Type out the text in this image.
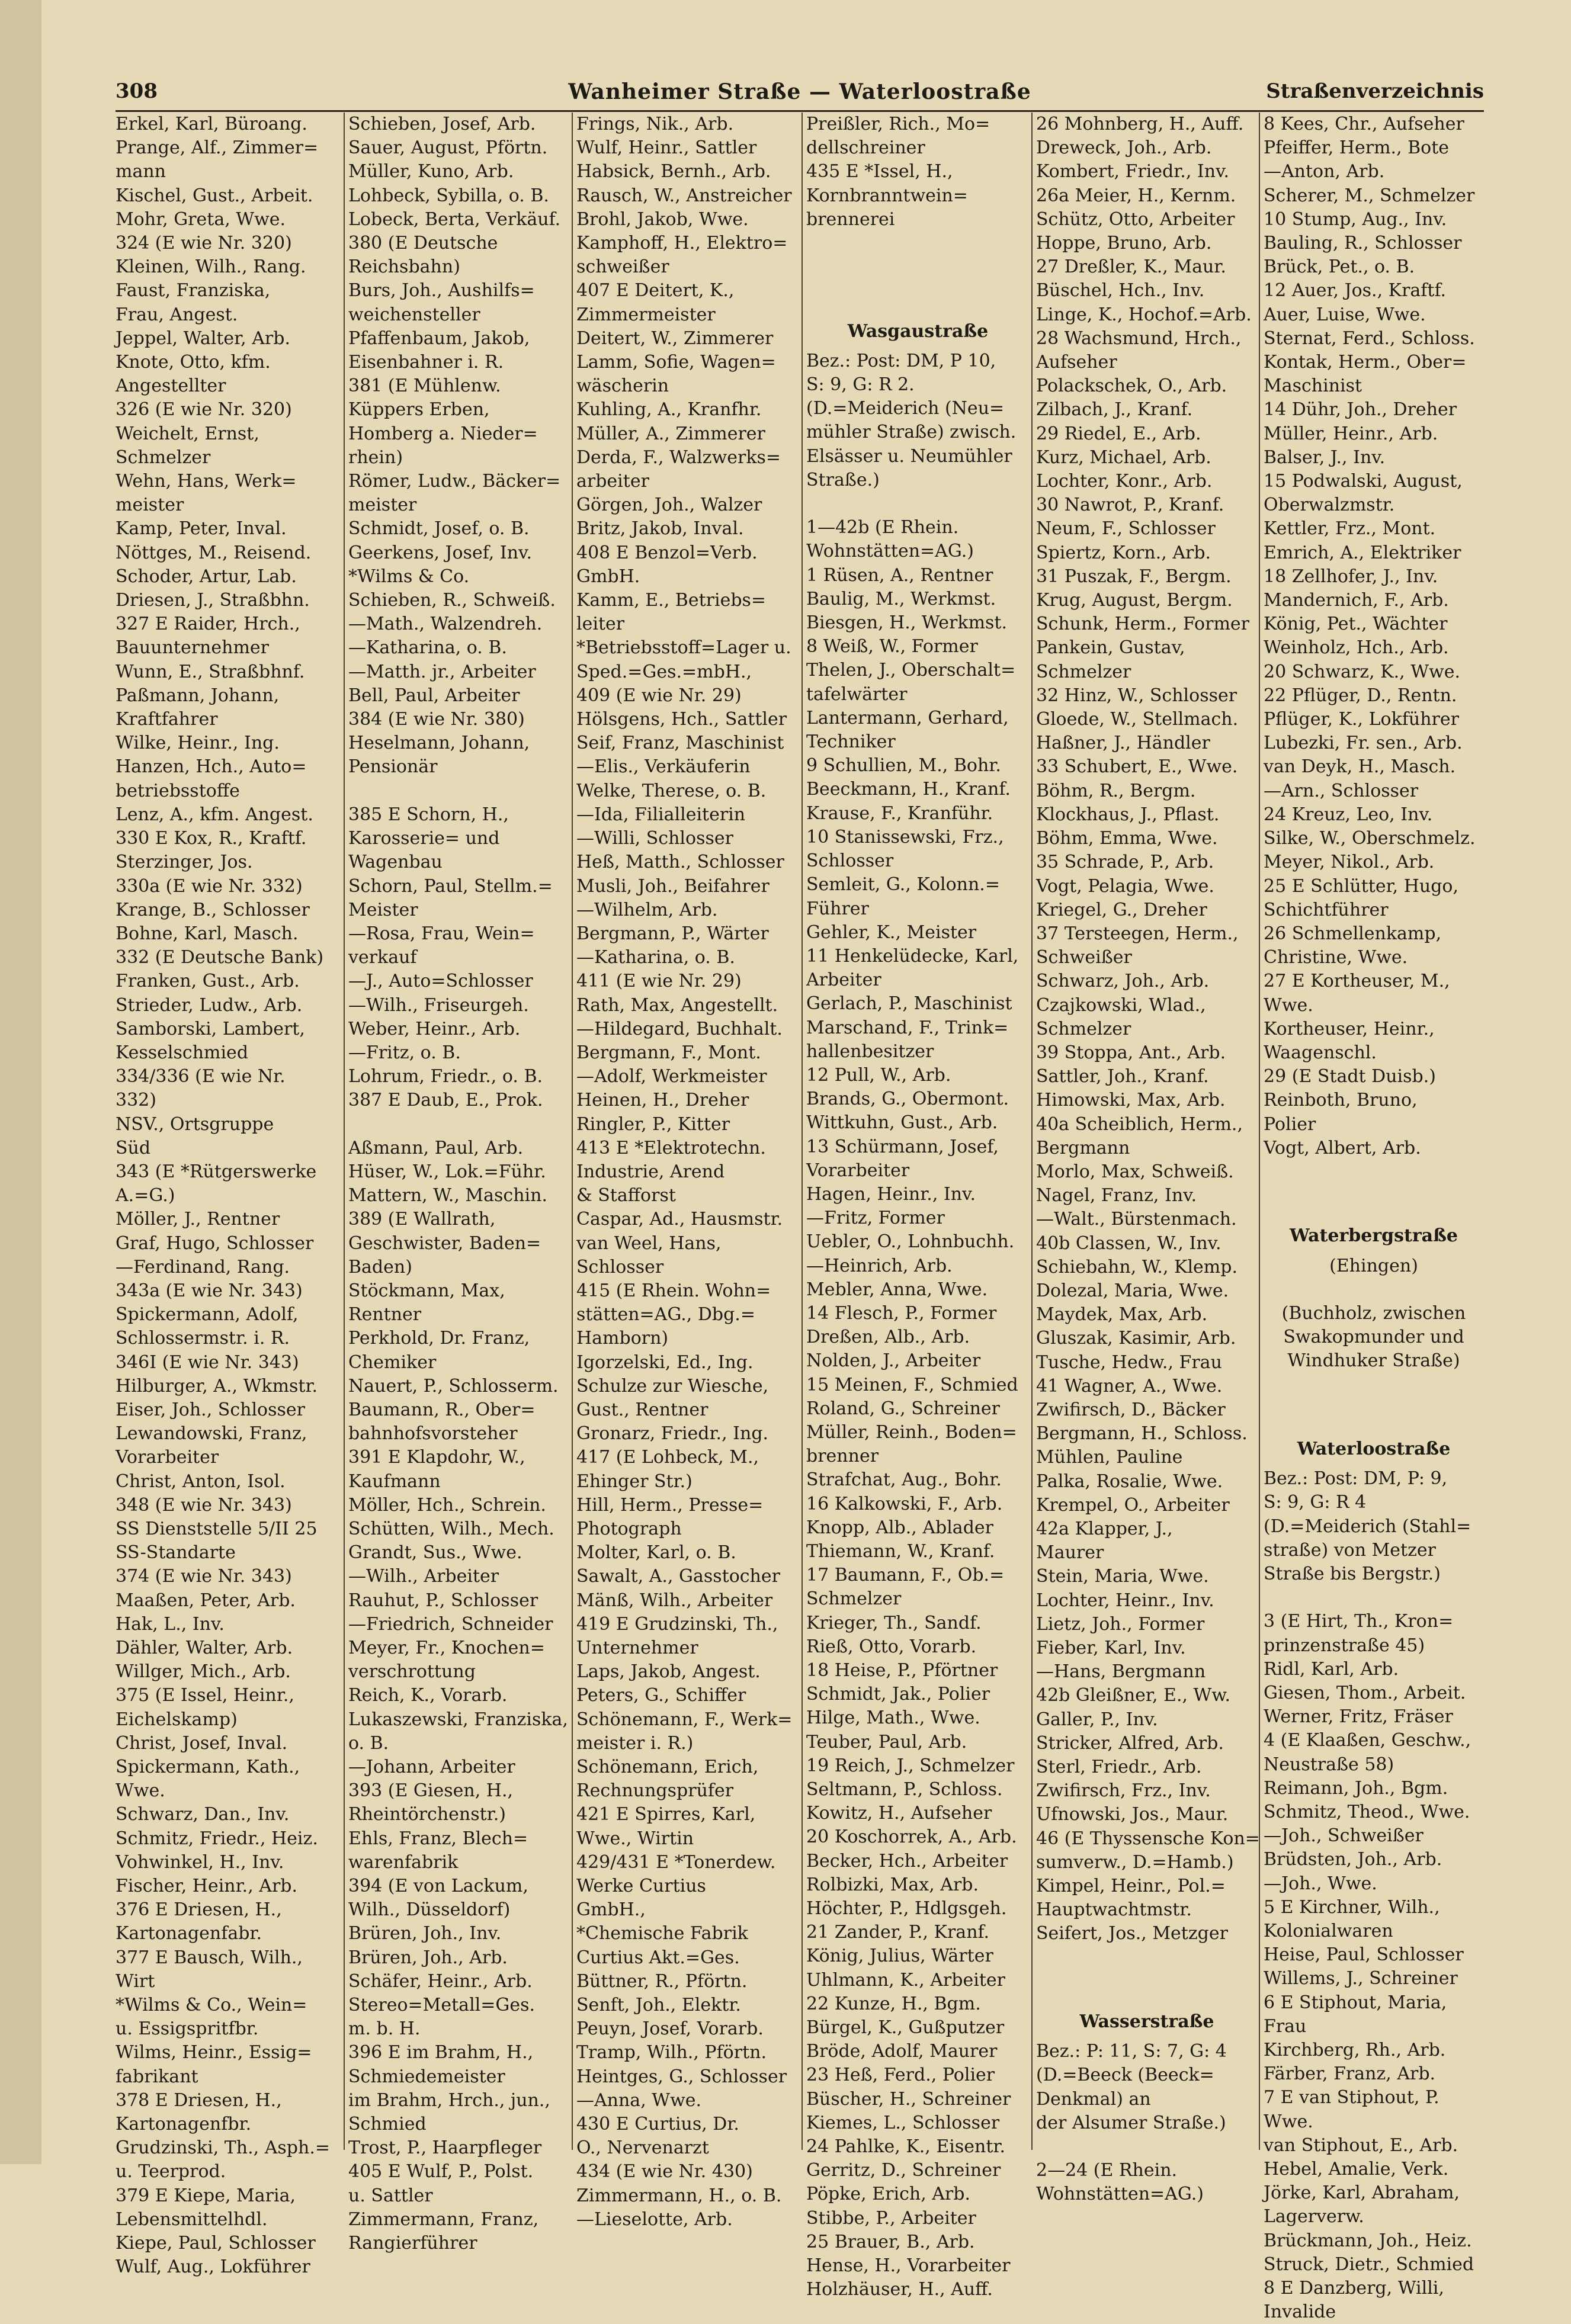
308	Wanheimer Straße — Waterloostraße	Straßenverzeichnis
Erkel, Karl, Büroang.
Prange, Alf., Zimmer=
mann
Kischel, Gust., Arbeit.
Mohr, Greta, Wwe.
324 (E wie Nr. 320)
Kleinen, Wilh., Rang.
Faust, Franziska,
Frau, Angest.
Jeppel, Walter, Arb.
Knote, Otto, kfm.
Angestellter
326 (E wie Nr. 320)
Weichelt, Ernst,
Schmelzer
Wehn, Hans, Werk=
meister
Kamp, Peter, Inval.
Nöttges, M., Reisend.
Schoder, Artur, Lab.
Driesen, J., Straßbhn.
327 E Raider, Hrch.,
Bauunternehmer
Wunn, E., Straßbhnf.
Paßmann, Johann,
Kraftfahrer
Wilke, Heinr., Ing.
Hanzen, Hch., Auto=
betriebsstoffe
Lenz, A., kfm. Angest.
330 E Kox, R., Kraftf.
Sterzinger, Jos.
330a (E wie Nr. 332)
Krange, B., Schlosser
Bohne, Karl, Masch.
332 (E Deutsche Bank)
Franken, Gust., Arb.
Strieder, Ludw., Arb.
Samborski, Lambert,
Kesselschmied
334/336 (E wie Nr.
332)
NSV., Ortsgruppe
Süd
343 (E *Rütgerswerke
A.=G.)
Möller, J., Rentner
Graf, Hugo, Schlosser
—Ferdinand, Rang.
343a (E wie Nr. 343)
Spickermann, Adolf,
Schlossermstr. i. R.
346I (E wie Nr. 343)
Hilburger, A., Wkmstr.
Eiser, Joh., Schlosser
Lewandowski, Franz,
Vorarbeiter
Christ, Anton, Isol.
348 (E wie Nr. 343)
SS Dienststelle 5/II 25
SS-Standarte
374 (E wie Nr. 343)
Maaßen, Peter, Arb.
Hak, L., Inv.
Dähler, Walter, Arb.
Willger, Mich., Arb.
375 (E Issel, Heinr.,
Eichelskamp)
Christ, Josef, Inval.
Spickermann, Kath.,
Wwe.
Schwarz, Dan., Inv.
Schmitz, Friedr., Heiz.
Vohwinkel, H., Inv.
Fischer, Heinr., Arb.
376 E Driesen, H.,
Kartonagenfabr.
377 E Bausch, Wilh.,
Wirt
*Wilms & Co., Wein=
u. Essigspritfbr.
Wilms, Heinr., Essig=
fabrikant
378 E Driesen, H.,
Kartonagenfbr.
Grudzinski, Th., Asph.=
u. Teerprod.
379 E Kiepe, Maria,
Lebensmittelhdl.
Kiepe, Paul, Schlosser
Wulf, Aug., Lokführer
Schieben, Josef, Arb.
Sauer, August, Pförtn.
Müller, Kuno, Arb.
Lohbeck, Sybilla, o. B.
Lobeck, Berta, Verkäuf.
380 (E Deutsche
Reichsbahn)
Burs, Joh., Aushilfs=
weichensteller
Pfaffenbaum, Jakob,
Eisenbahner i. R.
381 (E Mühlenw.
Küppers Erben,
Homberg a. Nieder=
rhein)
Römer, Ludw., Bäcker=
meister
Schmidt, Josef, o. B.
Geerkens, Josef, Inv.
*Wilms & Co.
Schieben, R., Schweiß.
—Math., Walzendreh.
—Katharina, o. B.
—Matth. jr., Arbeiter
Bell, Paul, Arbeiter
384 (E wie Nr. 380)
Heselmann, Johann,
Pensionär

385 E Schorn, H.,
Karosserie= und
Wagenbau
Schorn, Paul, Stellm.=
Meister
—Rosa, Frau, Wein=
verkauf
—J., Auto=Schlosser
—Wilh., Friseurgeh.
Weber, Heinr., Arb.
—Fritz, o. B.
Lohrum, Friedr., o. B.
387 E Daub, E., Prok.

Aßmann, Paul, Arb.
Hüser, W., Lok.=Führ.
Mattern, W., Maschin.
389 (E Wallrath,
Geschwister, Baden=
Baden)
Stöckmann, Max,
Rentner
Perkhold, Dr. Franz,
Chemiker
Nauert, P., Schlosserm.
Baumann, R., Ober=
bahnhofsvorsteher
391 E Klapdohr, W.,
Kaufmann
Möller, Hch., Schrein.
Schütten, Wilh., Mech.
Grandt, Sus., Wwe.
—Wilh., Arbeiter
Rauhut, P., Schlosser
—Friedrich, Schneider
Meyer, Fr., Knochen=
verschrottung
Reich, K., Vorarb.
Lukaszewski, Franziska,
o. B.
—Johann, Arbeiter
393 (E Giesen, H.,
Rheintörchenstr.)
Ehls, Franz, Blech=
warenfabrik
394 (E von Lackum,
Wilh., Düsseldorf)
Brüren, Joh., Inv.
Brüren, Joh., Arb.
Schäfer, Heinr., Arb.
Stereo=Metall=Ges.
m. b. H.
396 E im Brahm, H.,
Schmiedemeister
im Brahm, Hrch., jun.,
Schmied
Trost, P., Haarpfleger
405 E Wulf, P., Polst.
u. Sattler
Zimmermann, Franz,
Rangierführer
Frings, Nik., Arb.
Wulf, Heinr., Sattler
Habsick, Bernh., Arb.
Rausch, W., Anstreicher
Brohl, Jakob, Wwe.
Kamphoff, H., Elektro=
schweißer
407 E Deitert, K.,
Zimmermeister
Deitert, W., Zimmerer
Lamm, Sofie, Wagen=
wäscherin
Kuhling, A., Kranfhr.
Müller, A., Zimmerer
Derda, F., Walzwerks=
arbeiter
Görgen, Joh., Walzer
Britz, Jakob, Inval.
408 E Benzol=Verb.
GmbH.
Kamm, E., Betriebs=
leiter
*Betriebsstoff=Lager u.
Sped.=Ges.=mbH.,
409 (E wie Nr. 29)
Hölsgens, Hch., Sattler
Seif, Franz, Maschinist
—Elis., Verkäuferin
Welke, Therese, o. B.
—Ida, Filialleiterin
—Willi, Schlosser
Heß, Matth., Schlosser
Musli, Joh., Beifahrer
—Wilhelm, Arb.
Bergmann, P., Wärter
—Katharina, o. B.
411 (E wie Nr. 29)
Rath, Max, Angestellt.
—Hildegard, Buchhalt.
Bergmann, F., Mont.
—Adolf, Werkmeister
Heinen, H., Dreher
Ringler, P., Kitter
413 E *Elektrotechn.
Industrie, Arend
& Stafforst
Caspar, Ad., Hausmstr.
van Weel, Hans,
Schlosser
415 (E Rhein. Wohn=
stätten=AG., Dbg.=
Hamborn)
Igorzelski, Ed., Ing.
Schulze zur Wiesche,
Gust., Rentner
Gronarz, Friedr., Ing.
417 (E Lohbeck, M.,
Ehinger Str.)
Hill, Herm., Presse=
Photograph
Molter, Karl, o. B.
Sawalt, A., Gasstocher
Mänß, Wilh., Arbeiter
419 E Grudzinski, Th.,
Unternehmer
Laps, Jakob, Angest.
Peters, G., Schiffer
Schönemann, F., Werk=
meister i. R.)
Schönemann, Erich,
Rechnungsprüfer
421 E Spirres, Karl,
Wwe., Wirtin
429/431 E *Tonerdew.
Werke Curtius
GmbH.,
*Chemische Fabrik
Curtius Akt.=Ges.
Büttner, R., Pförtn.
Senft, Joh., Elektr.
Peuyn, Josef, Vorarb.
Tramp, Wilh., Pförtn.
Heintges, G., Schlosser
—Anna, Wwe.
430 E Curtius, Dr.
O., Nervenarzt
434 (E wie Nr. 430)
Zimmermann, H., o. B.
—Lieselotte, Arb.
Preißler, Rich., Mo=
dellschreiner
435 E *Issel, H.,
Kornbranntwein=
brennerei

Wasgaustraße
Bez.: Post: DM, P 10,
S: 9, G: R 2.
(D.=Meiderich (Neu=
mühler Straße) zwisch.
Elsässer u. Neumühler
Straße.)

1—42b (E Rhein.
Wohnstätten=AG.)
1 Rüsen, A., Rentner
Baulig, M., Werkmst.
Biesgen, H., Werkmst.
8 Weiß, W., Former
Thelen, J., Oberschalt=
tafelwärter
Lantermann, Gerhard,
Techniker
9 Schullien, M., Bohr.
Beeckmann, H., Kranf.
Krause, F., Kranführ.
10 Stanissewski, Frz.,
Schlosser
Semleit, G., Kolonn.=
Führer
Gehler, K., Meister
11 Henkelüdecke, Karl,
Arbeiter
Gerlach, P., Maschinist
Marschand, F., Trink=
hallenbesitzer
12 Pull, W., Arb.
Brands, G., Obermont.
Wittkuhn, Gust., Arb.
13 Schürmann, Josef,
Vorarbeiter
Hagen, Heinr., Inv.
—Fritz, Former
Uebler, O., Lohnbuchh.
—Heinrich, Arb.
Mebler, Anna, Wwe.
14 Flesch, P., Former
Dreßen, Alb., Arb.
Nolden, J., Arbeiter
15 Meinen, F., Schmied
Roland, G., Schreiner
Müller, Reinh., Boden=
brenner
Strafchat, Aug., Bohr.
16 Kalkowski, F., Arb.
Knopp, Alb., Ablader
Thiemann, W., Kranf.
17 Baumann, F., Ob.=
Schmelzer
Krieger, Th., Sandf.
Rieß, Otto, Vorarb.
18 Heise, P., Pförtner
Schmidt, Jak., Polier
Hilge, Math., Wwe.
Teuber, Paul, Arb.
19 Reich, J., Schmelzer
Seltmann, P., Schloss.
Kowitz, H., Aufseher
20 Koschorrek, A., Arb.
Becker, Hch., Arbeiter
Rolbizki, Max, Arb.
Höchter, P., Hdlgsgeh.
21 Zander, P., Kranf.
König, Julius, Wärter
Uhlmann, K., Arbeiter
22 Kunze, H., Bgm.
Bürgel, K., Gußputzer
Bröde, Adolf, Maurer
23 Heß, Ferd., Polier
Büscher, H., Schreiner
Kiemes, L., Schlosser
24 Pahlke, K., Eisentr.
Gerritz, D., Schreiner
Pöpke, Erich, Arb.
Stibbe, P., Arbeiter
25 Brauer, B., Arb.
Hense, H., Vorarbeiter
Holzhäuser, H., Auff.
26 Mohnberg, H., Auff.
Dreweck, Joh., Arb.
Kombert, Friedr., Inv.
26a Meier, H., Kernm.
Schütz, Otto, Arbeiter
Hoppe, Bruno, Arb.
27 Dreßler, K., Maur.
Büschel, Hch., Inv.
Linge, K., Hochof.=Arb.
28 Wachsmund, Hrch.,
Aufseher
Polackschek, O., Arb.
Zilbach, J., Kranf.
29 Riedel, E., Arb.
Kurz, Michael, Arb.
Lochter, Konr., Arb.
30 Nawrot, P., Kranf.
Neum, F., Schlosser
Spiertz, Korn., Arb.
31 Puszak, F., Bergm.
Krug, August, Bergm.
Schunk, Herm., Former
Pankein, Gustav,
Schmelzer
32 Hinz, W., Schlosser
Gloede, W., Stellmach.
Haßner, J., Händler
33 Schubert, E., Wwe.
Böhm, R., Bergm.
Klockhaus, J., Pflast.
Böhm, Emma, Wwe.
35 Schrade, P., Arb.
Vogt, Pelagia, Wwe.
Kriegel, G., Dreher
37 Tersteegen, Herm.,
Schweißer
Schwarz, Joh., Arb.
Czajkowski, Wlad.,
Schmelzer
39 Stoppa, Ant., Arb.
Sattler, Joh., Kranf.
Himowski, Max, Arb.
40a Scheiblich, Herm.,
Bergmann
Morlo, Max, Schweiß.
Nagel, Franz, Inv.
—Walt., Bürstenmach.
40b Classen, W., Inv.
Schiebahn, W., Klemp.
Dolezal, Maria, Wwe.
Maydek, Max, Arb.
Gluszak, Kasimir, Arb.
Tusche, Hedw., Frau
41 Wagner, A., Wwe.
Zwifirsch, D., Bäcker
Bergmann, H., Schloss.
Mühlen, Pauline
Palka, Rosalie, Wwe.
Krempel, O., Arbeiter
42a Klapper, J.,
Maurer
Stein, Maria, Wwe.
Lochter, Heinr., Inv.
Lietz, Joh., Former
Fieber, Karl, Inv.
—Hans, Bergmann
42b Gleißner, E., Ww.
Galler, P., Inv.
Stricker, Alfred, Arb.
Sterl, Friedr., Arb.
Zwifirsch, Frz., Inv.
Ufnowski, Jos., Maur.
46 (E Thyssensche Kon=
sumverw., D.=Hamb.)
Kimpel, Heinr., Pol.=
Hauptwachtmstr.
Seifert, Jos., Metzger

Wasserstraße
Bez.: P: 11, S: 7, G: 4
(D.=Beeck (Beeck=
Denkmal) an
der Alsumer Straße.)

2—24 (E Rhein.
Wohnstätten=AG.)
8 Kees, Chr., Aufseher
Pfeiffer, Herm., Bote
—Anton, Arb.
Scherer, M., Schmelzer
10 Stump, Aug., Inv.
Bauling, R., Schlosser
Brück, Pet., o. B.
12 Auer, Jos., Kraftf.
Auer, Luise, Wwe.
Sternat, Ferd., Schloss.
Kontak, Herm., Ober=
Maschinist
14 Dühr, Joh., Dreher
Müller, Heinr., Arb.
Balser, J., Inv.
15 Podwalski, August,
Oberwalzmstr.
Kettler, Frz., Mont.
Emrich, A., Elektriker
18 Zellhofer, J., Inv.
Mandernich, F., Arb.
König, Pet., Wächter
Weinholz, Hch., Arb.
20 Schwarz, K., Wwe.
22 Pflüger, D., Rentn.
Pflüger, K., Lokführer
Lubezki, Fr. sen., Arb.
van Deyk, H., Masch.
—Arn., Schlosser
24 Kreuz, Leo, Inv.
Silke, W., Oberschmelz.
Meyer, Nikol., Arb.
25 E Schlütter, Hugo,
Schichtführer
26 Schmellenkamp,
Christine, Wwe.
27 E Kortheuser, M.,
Wwe.
Kortheuser, Heinr.,
Waagenschl.
29 (E Stadt Duisb.)
Reinboth, Bruno,
Polier
Vogt, Albert, Arb.

Waterbergstraße
(Ehingen)

(Buchholz, zwischen
Swakopmunder und
Windhuker Straße)

Waterloostraße
Bez.: Post: DM, P: 9,
S: 9, G: R 4
(D.=Meiderich (Stahl=
straße) von Metzer
Straße bis Bergstr.)

3 (E Hirt, Th., Kron=
prinzenstraße 45)
Ridl, Karl, Arb.
Giesen, Thom., Arbeit.
Werner, Fritz, Fräser
4 (E Klaaßen, Geschw.,
Neustraße 58)
Reimann, Joh., Bgm.
Schmitz, Theod., Wwe.
—Joh., Schweißer
Brüdsten, Joh., Arb.
—Joh., Wwe.
5 E Kirchner, Wilh.,
Kolonialwaren
Heise, Paul, Schlosser
Willems, J., Schreiner
6 E Stiphout, Maria,
Frau
Kirchberg, Rh., Arb.
Färber, Franz, Arb.
7 E van Stiphout, P.
Wwe.
van Stiphout, E., Arb.
Hebel, Amalie, Verk.
Jörke, Karl, Abraham,
Lagerverw.
Brückmann, Joh., Heiz.
Struck, Dietr., Schmied
8 E Danzberg, Willi,
Invalide
